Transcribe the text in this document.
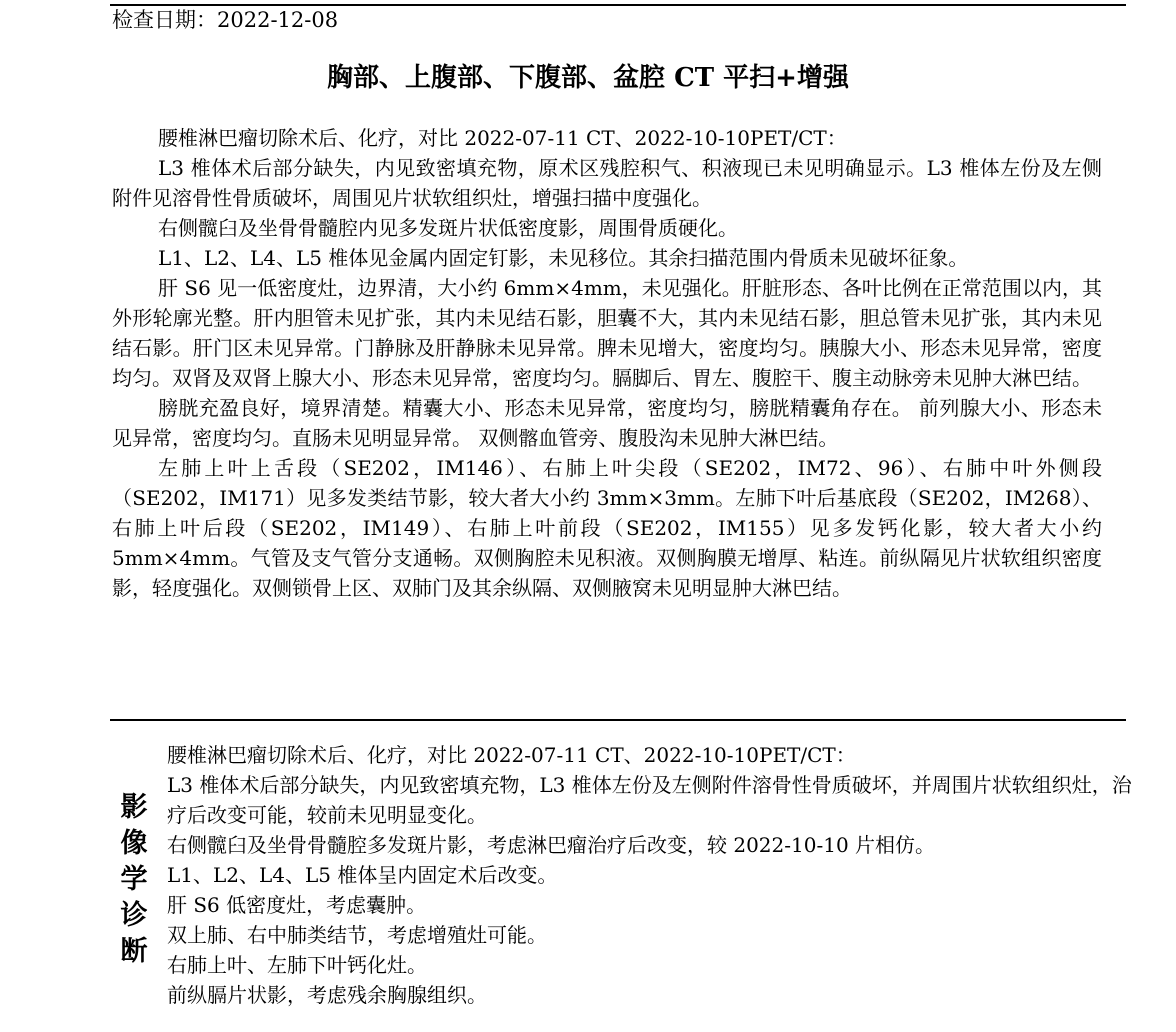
检查日期：2022-12-08
胸部、上腹部、下腹部、盆腔 CT 平扫+增强

腰椎淋巴瘤切除术后、化疗，对比 2022-07-11 CT、2022-10-10PET/CT：

L3 椎体术后部分缺失，内见致密填充物，原术区残腔积气、积液现已未见明确显示。L3 椎体左份及左侧附件见溶骨性骨质破坏，周围见片状软组织灶，增强扫描中度强化。

右侧髋臼及坐骨骨髓腔内见多发斑片状低密度影，周围骨质硬化。

L1、L2、L4、L5 椎体见金属内固定钉影，未见移位。其余扫描范围内骨质未见破坏征象。

肝 S6 见一低密度灶，边界清，大小约 6mm×4mm，未见强化。肝脏形态、各叶比例在正常范围以内，其外形轮廓光整。肝内胆管未见扩张，其内未见结石影，胆囊不大，其内未见结石影，胆总管未见扩张，其内未见结石影。肝门区未见异常。门静脉及肝静脉未见异常。脾未见增大，密度均匀。胰腺大小、形态未见异常，密度均匀。双肾及双肾上腺大小、形态未见异常，密度均匀。膈脚后、胃左、腹腔干、腹主动脉旁未见肿大淋巴结。

膀胱充盈良好，境界清楚。精囊大小、形态未见异常，密度均匀，膀胱精囊角存在。 前列腺大小、形态未见异常，密度均匀。直肠未见明显异常。 双侧髂血管旁、腹股沟未见肿大淋巴结。

左肺上叶上舌段（SE202，IM146）、右肺上叶尖段（SE202，IM72、96）、右肺中叶外侧段（SE202，IM171）见多发类结节影，较大者大小约 3mm×3mm。左肺下叶后基底段（SE202，IM268）、右肺上叶后段（SE202，IM149）、右肺上叶前段（SE202，IM155）见多发钙化影，较大者大小约 5mm×4mm。气管及支气管分支通畅。双侧胸腔未见积液。双侧胸膜无增厚、粘连。前纵隔见片状软组织密度影，轻度强化。双侧锁骨上区、双肺门及其余纵隔、双侧腋窝未见明显肿大淋巴结。

影
像
学
诊
断

腰椎淋巴瘤切除术后、化疗，对比 2022-07-11 CT、2022-10-10PET/CT：

L3 椎体术后部分缺失，内见致密填充物，L3 椎体左份及左侧附件溶骨性骨质破坏，并周围片状软组织灶，治疗后改变可能，较前未见明显变化。

右侧髋臼及坐骨骨髓腔多发斑片影，考虑淋巴瘤治疗后改变，较 2022-10-10 片相仿。

L1、L2、L4、L5 椎体呈内固定术后改变。

肝 S6 低密度灶，考虑囊肿。

双上肺、右中肺类结节，考虑增殖灶可能。

右肺上叶、左肺下叶钙化灶。

前纵膈片状影，考虑残余胸腺组织。
